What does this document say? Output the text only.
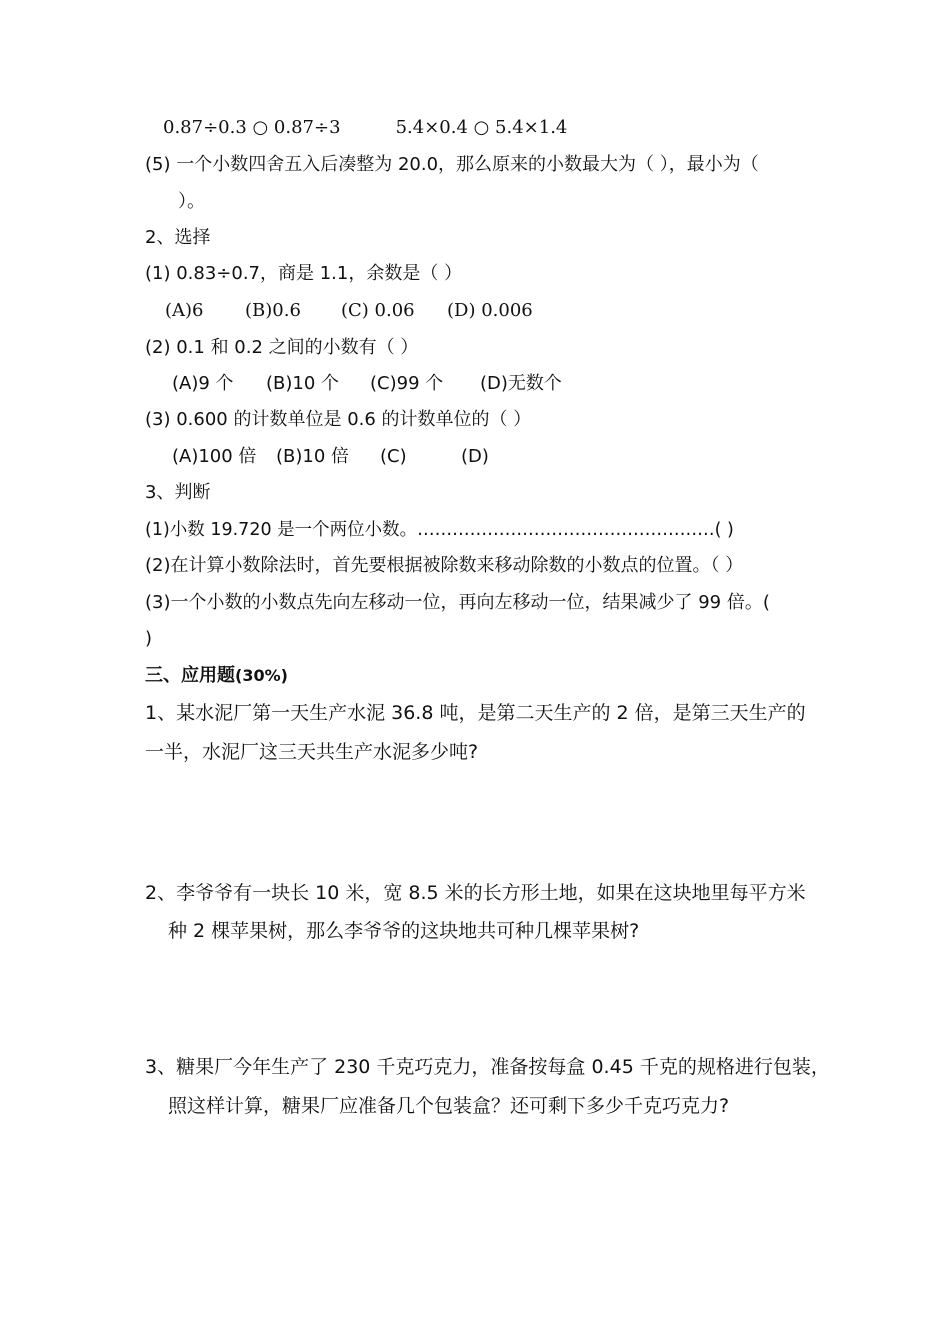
0.87÷0.3 ○ 0.87÷3	5.4×0.4 ○ 5.4×1.4
(5) 一个小数四舍五入后凑整为 20.0，那么原来的小数最大为（ ），最小为（
）。
2、选择
(1) 0.83÷0.7，商是 1.1，余数是（ ）
(A)6 (B)0.6 (C) 0.06 (D) 0.006
(2) 0.1 和 0.2 之间的小数有（ ）
(A)9 个 (B)10 个 (C)99 个 (D)无数个
(3) 0.600 的计数单位是 0.6 的计数单位的（ ）
(A)100 倍 (B)10 倍 (C)	(D)
3、判断
(1)小数 19.720 是一个两位小数。……………………………………………( )
(2)在计算小数除法时，首先要根据被除数来移动除数的小数点的位置。（ ）
(3)一个小数的小数点先向左移动一位，再向左移动一位，结果减少了 99 倍。(
)
三、应用题(30%)
1、某水泥厂第一天生产水泥 36.8 吨，是第二天生产的 2 倍，是第三天生产的
一半，水泥厂这三天共生产水泥多少吨?
2、李爷爷有一块长 10 米，宽 8.5 米的长方形土地，如果在这块地里每平方米
种 2 棵苹果树，那么李爷爷的这块地共可种几棵苹果树?
3、糖果厂今年生产了 230 千克巧克力，准备按每盒 0.45 千克的规格进行包装，
照这样计算，糖果厂应准备几个包装盒？还可剩下多少千克巧克力?
